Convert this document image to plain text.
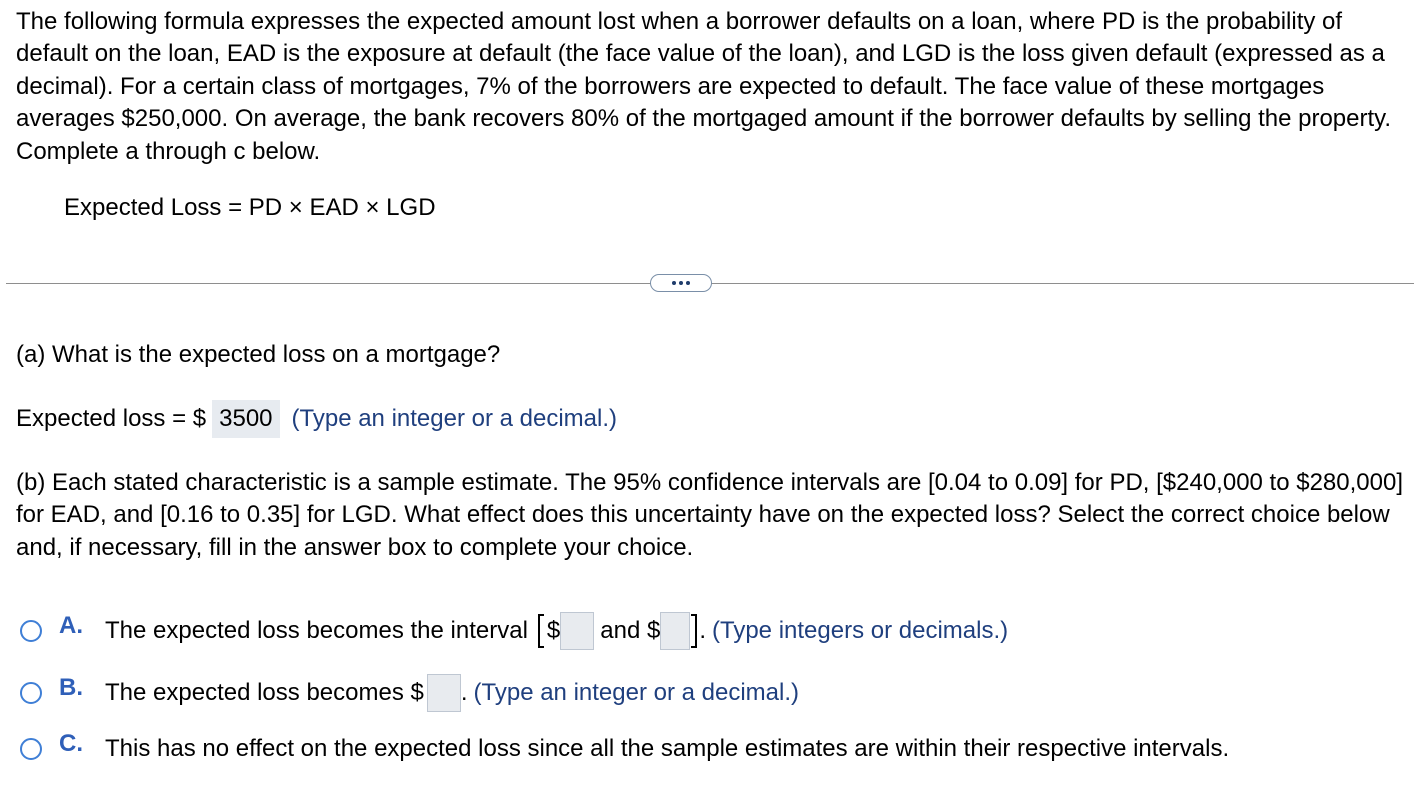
The following formula expresses the expected amount lost when a borrower defaults on a loan, where PD is the probability of default on the loan, EAD is the exposure at default (the face value of the loan), and LGD is the loss given default (expressed as a decimal). For a certain class of mortgages, 7% of the borrowers are expected to default. The face value of these mortgages averages $250,000. On average, the bank recovers 80% of the mortgaged amount if the borrower defaults by selling the property. Complete a through c below.

Expected Loss = PD × EAD × LGD
(a) What is the expected loss on a mortgage?
Expected loss = $ 3500 (Type an integer or a decimal.)

(b) Each stated characteristic is a sample estimate. The 95% confidence intervals are [0.04 to 0.09] for PD, [$240,000 to $280,000] for EAD, and [0.16 to 0.35] for LGD. What effect does this uncertainty have on the expected loss? Select the correct choice below and, if necessary, fill in the answer box to complete your choice.

A. The expected loss becomes the interval $ and $ . (Type integers or decimals.)
B. The expected loss becomes $ . (Type an integer or a decimal.)
C. This has no effect on the expected loss since all the sample estimates are within their respective intervals.
